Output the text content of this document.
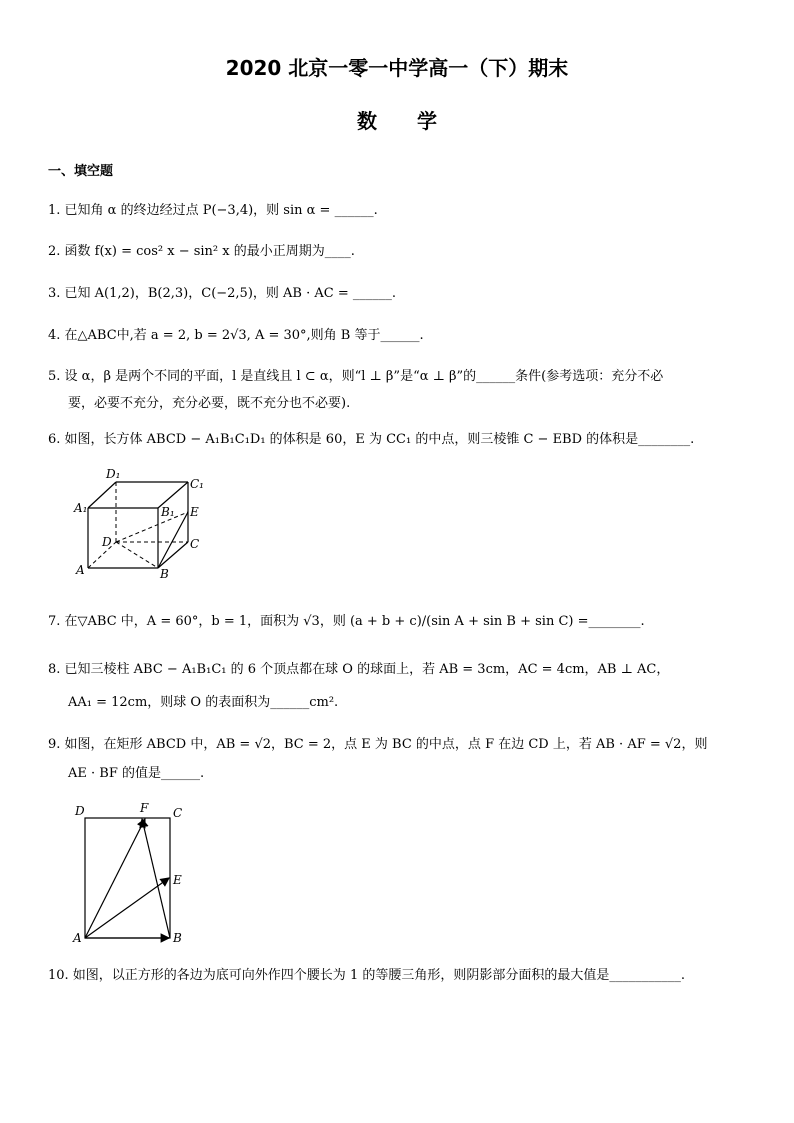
2020 北京一零一中学高一（下）期末
数学
一、填空题
1. 已知角 α 的终边经过点 P(−3,4)，则 sin α = ______.
2. 函数 f(x) = cos² x − sin² x 的最小正周期为____.
3. 已知 A(1,2)，B(2,3)，C(−2,5)，则 AB · AC = ______.
4. 在△ABC中,若 a = 2, b = 2√3, A = 30°,则角 B 等于______.
5. 设 α，β 是两个不同的平面，l 是直线且 l ⊂ α，则“l ⊥ β”是“α ⊥ β”的______条件(参考选项：充分不必
要，必要不充分，充分必要，既不充分也不必要).
6. 如图，长方体 ABCD − A₁B₁C₁D₁ 的体积是 60，E 为 CC₁ 的中点，则三棱锥 C − EBD 的体积是________.
D₁
C₁
A₁	B₁ E
D	C
A	B
7. 在▽ABC 中，A = 60°，b = 1，面积为 √3，则 (a + b + c)/(sin A + sin B + sin C) =________.
8. 已知三棱柱 ABC − A₁B₁C₁ 的 6 个顶点都在球 O 的球面上，若 AB = 3cm，AC = 4cm，AB ⊥ AC，
AA₁ = 12cm，则球 O 的表面积为______cm².
9. 如图，在矩形 ABCD 中，AB = √2，BC = 2，点 E 为 BC 的中点，点 F 在边 CD 上，若 AB · AF = √2，则
AE · BF 的值是______.
D	F C
E
A	B
10. 如图，以正方形的各边为底可向外作四个腰长为 1 的等腰三角形，则阴影部分面积的最大值是___________.
